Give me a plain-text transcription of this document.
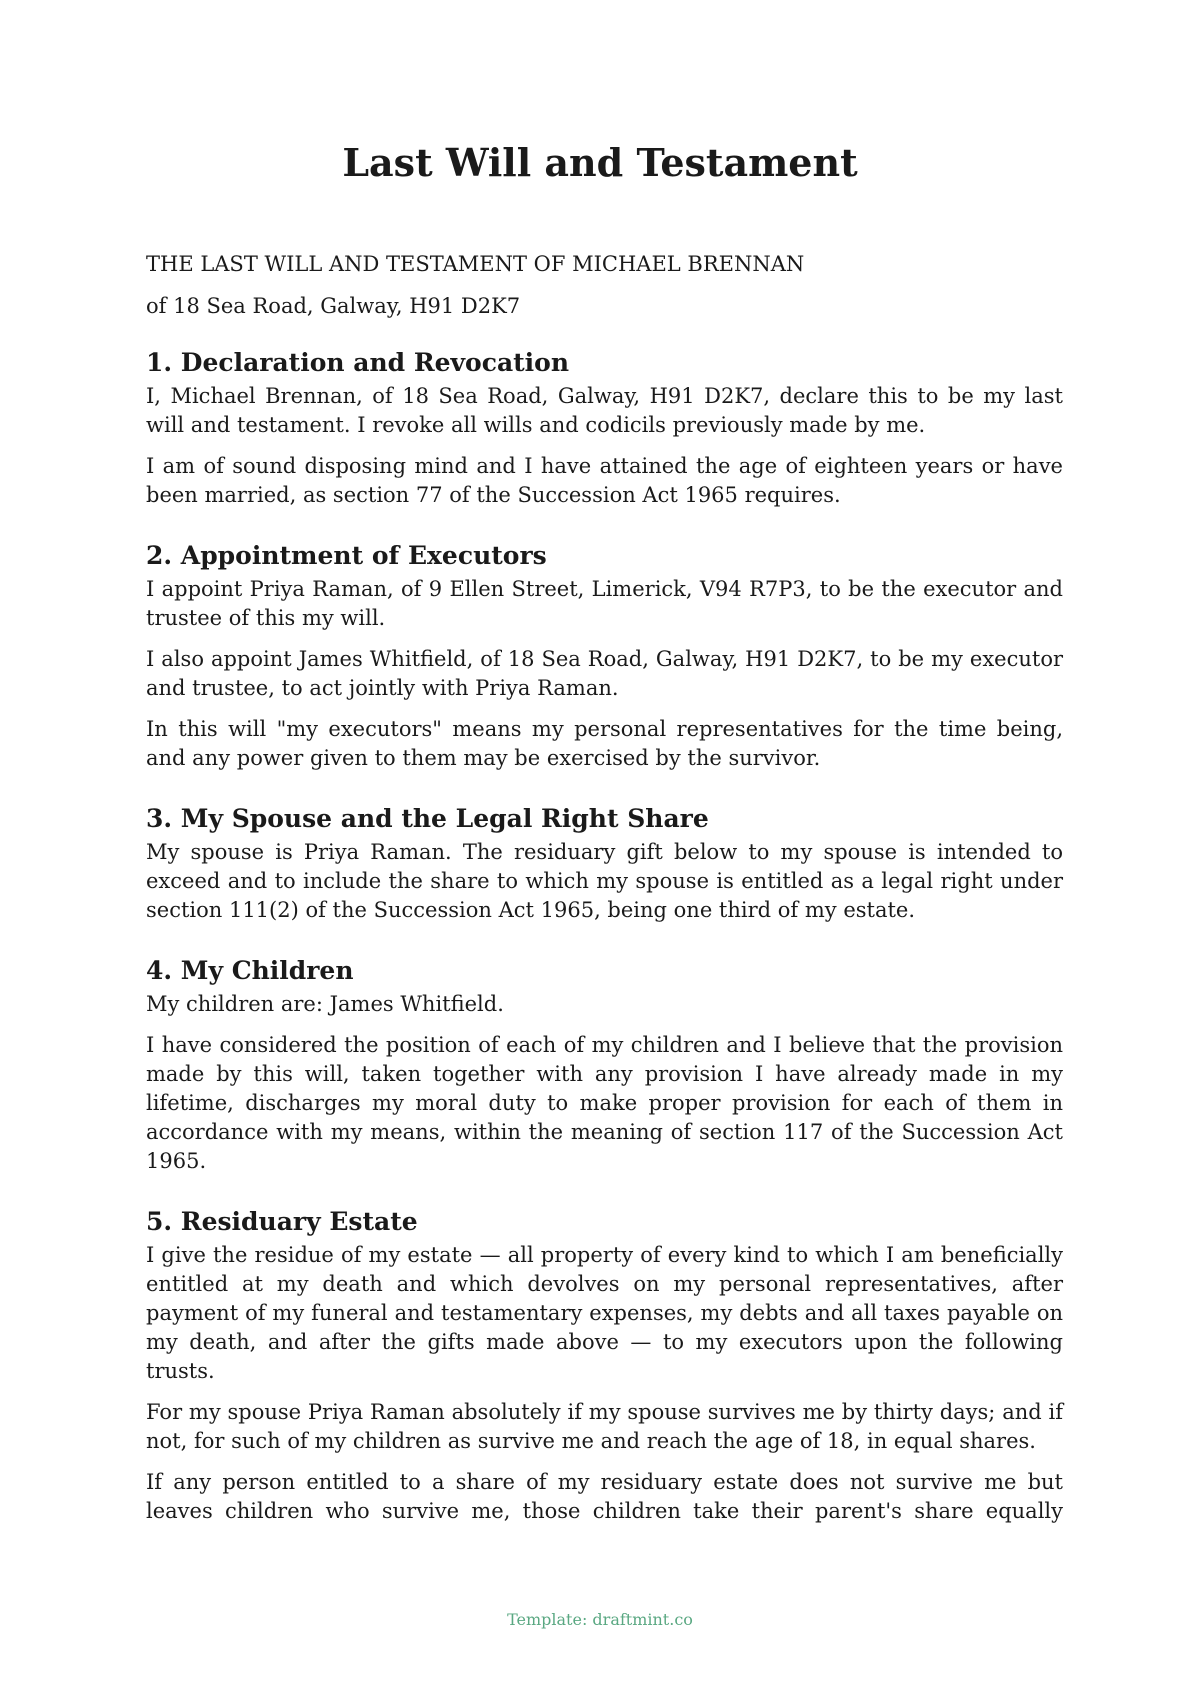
Last Will and Testament

THE LAST WILL AND TESTAMENT OF MICHAEL BRENNAN

of 18 Sea Road, Galway, H91 D2K7

1. Declaration and Revocation

I, Michael Brennan, of 18 Sea Road, Galway, H91 D2K7, declare this to be my last will and testament. I revoke all wills and codicils previously made by me.

I am of sound disposing mind and I have attained the age of eighteen years or have been married, as section 77 of the Succession Act 1965 requires.

2. Appointment of Executors

I appoint Priya Raman, of 9 Ellen Street, Limerick, V94 R7P3, to be the executor and trustee of this my will.

I also appoint James Whitfield, of 18 Sea Road, Galway, H91 D2K7, to be my executor and trustee, to act jointly with Priya Raman.

In this will "my executors" means my personal representatives for the time being, and any power given to them may be exercised by the survivor.

3. My Spouse and the Legal Right Share

My spouse is Priya Raman. The residuary gift below to my spouse is intended to exceed and to include the share to which my spouse is entitled as a legal right under section 111(2) of the Succession Act 1965, being one third of my estate.

4. My Children

My children are: James Whitfield.

I have considered the position of each of my children and I believe that the provision made by this will, taken together with any provision I have already made in my lifetime, discharges my moral duty to make proper provision for each of them in accordance with my means, within the meaning of section 117 of the Succession Act 1965.

5. Residuary Estate

I give the residue of my estate — all property of every kind to which I am beneficially entitled at my death and which devolves on my personal representatives, after payment of my funeral and testamentary expenses, my debts and all taxes payable on my death, and after the gifts made above — to my executors upon the following trusts.

For my spouse Priya Raman absolutely if my spouse survives me by thirty days; and if not, for such of my children as survive me and reach the age of 18, in equal shares.

If any person entitled to a share of my residuary estate does not survive me but leaves children who survive me, those children take their parent's share equally

Template: draftmint.co
